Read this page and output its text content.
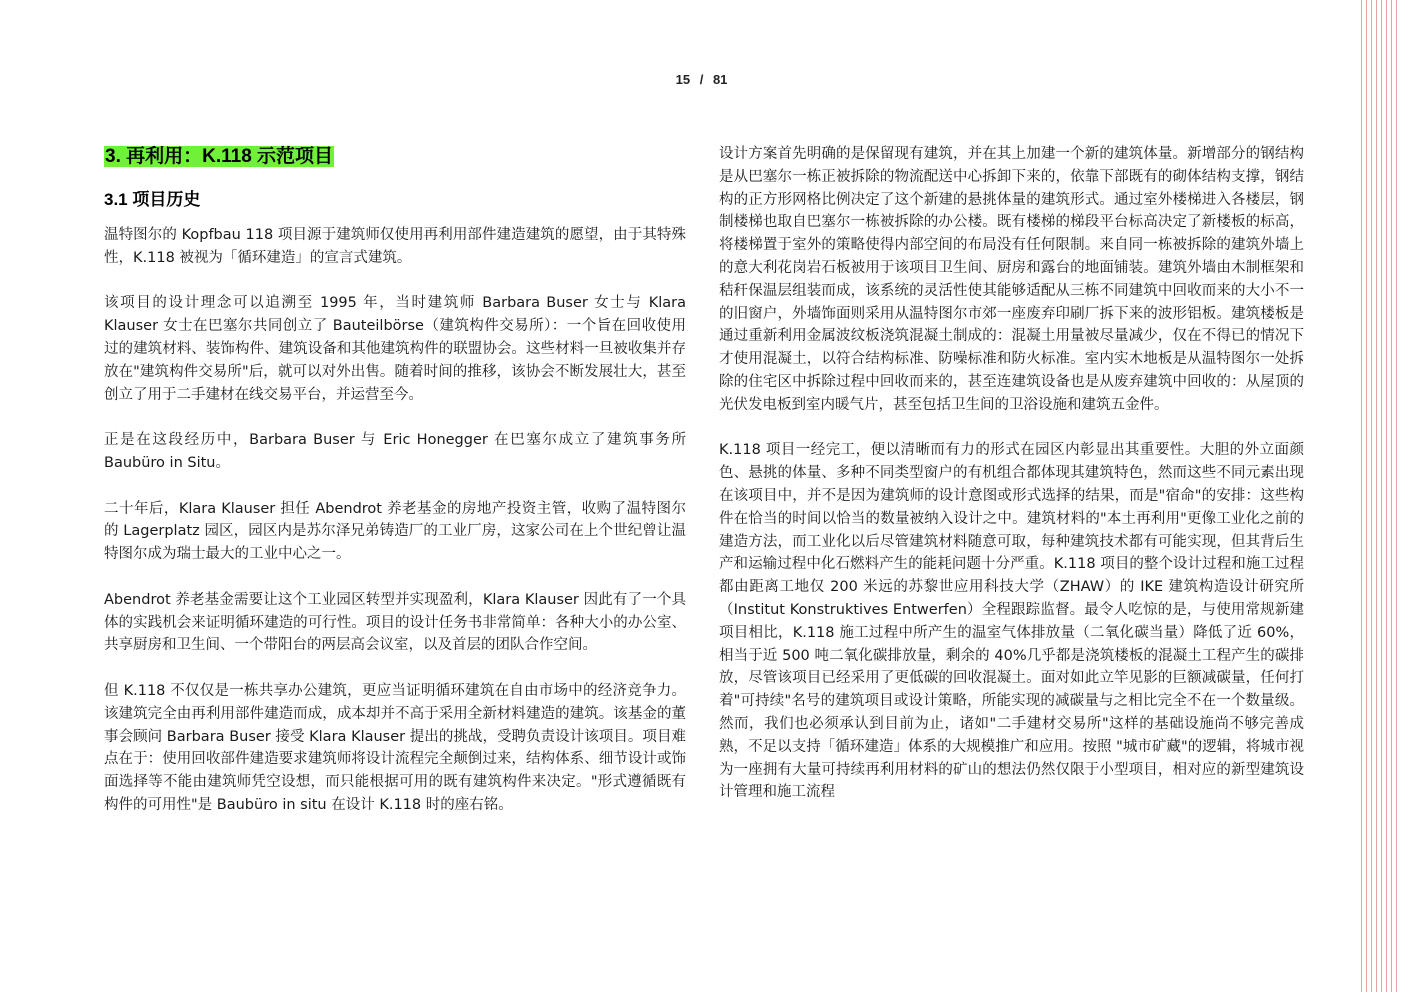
15 / 81
3. 再利用：K.118 示范项目
3.1 项目历史

温特图尔的 Kopfbau 118 项目源于建筑师仅使用再利用部件建造建筑的愿望，由于其特殊性，K.118 被视为「循环建造」的宣言式建筑。

该项目的设计理念可以追溯至 1995 年，当时建筑师 Barbara Buser 女士与 Klara Klauser 女士在巴塞尔共同创立了 Bauteilbörse（建筑构件交易所）：一个旨在回收使用过的建筑材料、装饰构件、建筑设备和其他建筑构件的联盟协会。这些材料一旦被收集并存放在"建筑构件交易所"后，就可以对外出售。随着时间的推移，该协会不断发展壮大，甚至创立了用于二手建材在线交易平台，并运营至今。

正是在这段经历中，Barbara Buser 与 Eric Honegger 在巴塞尔成立了建筑事务所 Baubüro in Situ。

二十年后，Klara Klauser 担任 Abendrot 养老基金的房地产投资主管，收购了温特图尔的 Lagerplatz 园区，园区内是苏尔泽兄弟铸造厂的工业厂房，这家公司在上个世纪曾让温特图尔成为瑞士最大的工业中心之一。

Abendrot 养老基金需要让这个工业园区转型并实现盈利，Klara Klauser 因此有了一个具体的实践机会来证明循环建造的可行性。项目的设计任务书非常简单：各种大小的办公室、共享厨房和卫生间、一个带阳台的两层高会议室，以及首层的团队合作空间。

但 K.118 不仅仅是一栋共享办公建筑，更应当证明循环建筑在自由市场中的经济竞争力。该建筑完全由再利用部件建造而成，成本却并不高于采用全新材料建造的建筑。该基金的董事会顾问 Barbara Buser 接受 Klara Klauser 提出的挑战，受聘负责设计该项目。项目难点在于：使用回收部件建造要求建筑师将设计流程完全颠倒过来，结构体系、细节设计或饰面选择等不能由建筑师凭空设想，而只能根据可用的既有建筑构件来决定。"形式遵循既有构件的可用性"是 Baubüro in situ 在设计 K.118 时的座右铭。

设计方案首先明确的是保留现有建筑，并在其上加建一个新的建筑体量。新增部分的钢结构是从巴塞尔一栋正被拆除的物流配送中心拆卸下来的，依靠下部既有的砌体结构支撑，钢结构的正方形网格比例决定了这个新建的悬挑体量的建筑形式。通过室外楼梯进入各楼层，钢制楼梯也取自巴塞尔一栋被拆除的办公楼。既有楼梯的梯段平台标高决定了新楼板的标高，将楼梯置于室外的策略使得内部空间的布局没有任何限制。来自同一栋被拆除的建筑外墙上的意大利花岗岩石板被用于该项目卫生间、厨房和露台的地面铺装。建筑外墙由木制框架和秸秆保温层组装而成，该系统的灵活性使其能够适配从三栋不同建筑中回收而来的大小不一的旧窗户，外墙饰面则采用从温特图尔市郊一座废弃印刷厂拆下来的波形铝板。建筑楼板是通过重新利用金属波纹板浇筑混凝土制成的：混凝土用量被尽量减少，仅在不得已的情况下才使用混凝土，以符合结构标准、防噪标准和防火标准。室内实木地板是从温特图尔一处拆除的住宅区中拆除过程中回收而来的，甚至连建筑设备也是从废弃建筑中回收的：从屋顶的光伏发电板到室内暖气片，甚至包括卫生间的卫浴设施和建筑五金件。

K.118 项目一经完工，便以清晰而有力的形式在园区内彰显出其重要性。大胆的外立面颜色、悬挑的体量、多种不同类型窗户的有机组合都体现其建筑特色，然而这些不同元素出现在该项目中，并不是因为建筑师的设计意图或形式选择的结果，而是"宿命"的安排：这些构件在恰当的时间以恰当的数量被纳入设计之中。建筑材料的"本土再利用"更像工业化之前的建造方法，而工业化以后尽管建筑材料随意可取，每种建筑技术都有可能实现，但其背后生产和运输过程中化石燃料产生的能耗问题十分严重。K.118 项目的整个设计过程和施工过程都由距离工地仅 200 米远的苏黎世应用科技大学（ZHAW）的 IKE 建筑构造设计研究所（Institut Konstruktives Entwerfen）全程跟踪监督。最令人吃惊的是，与使用常规新建项目相比，K.118 施工过程中所产生的温室气体排放量（二氧化碳当量）降低了近 60%，相当于近 500 吨二氧化碳排放量，剩余的 40%几乎都是浇筑楼板的混凝土工程产生的碳排放，尽管该项目已经采用了更低碳的回收混凝土。面对如此立竿见影的巨额减碳量，任何打着"可持续"名号的建筑项目或设计策略，所能实现的减碳量与之相比完全不在一个数量级。然而，我们也必须承认到目前为止，诸如"二手建材交易所"这样的基础设施尚不够完善成熟，不足以支持「循环建造」体系的大规模推广和应用。按照 "城市矿藏"的逻辑，将城市视为一座拥有大量可持续再利用材料的矿山的想法仍然仅限于小型项目，相对应的新型建筑设计管理和施工流程
